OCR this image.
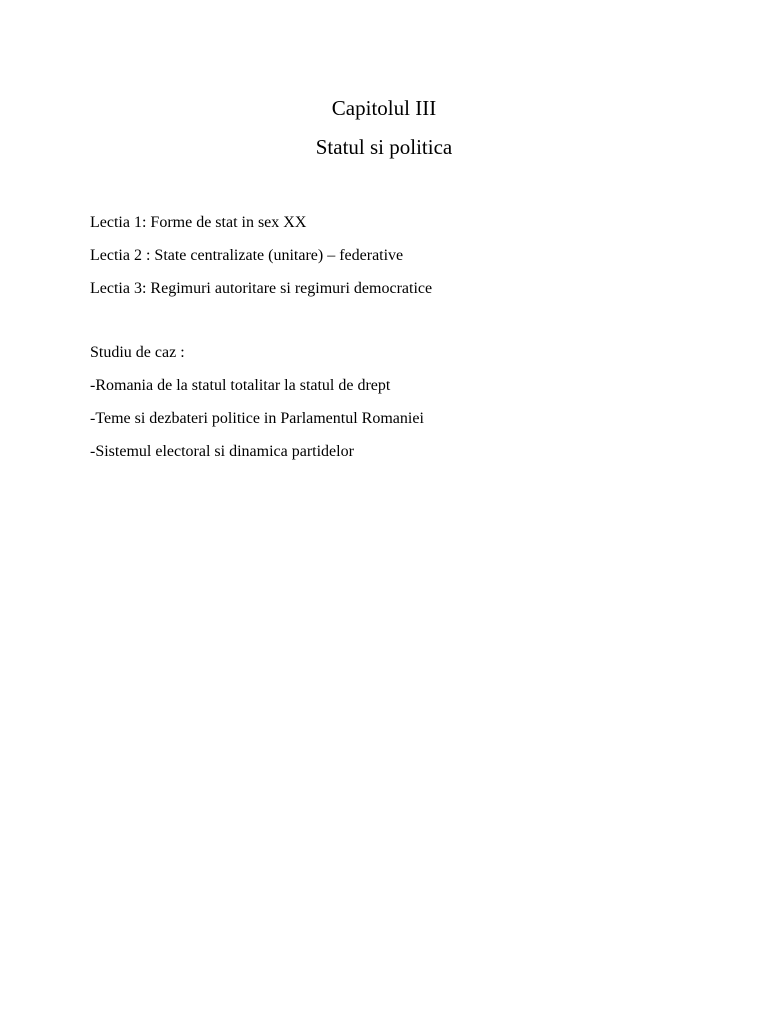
Capitolul III
Statul si politica
Lectia 1: Forme de stat in sex XX
Lectia 2 : State centralizate (unitare) – federative
Lectia 3: Regimuri autoritare si regimuri democratice
Studiu de caz :
-Romania de la statul totalitar la statul de drept
-Teme si dezbateri politice in Parlamentul Romaniei
-Sistemul electoral si dinamica partidelor
